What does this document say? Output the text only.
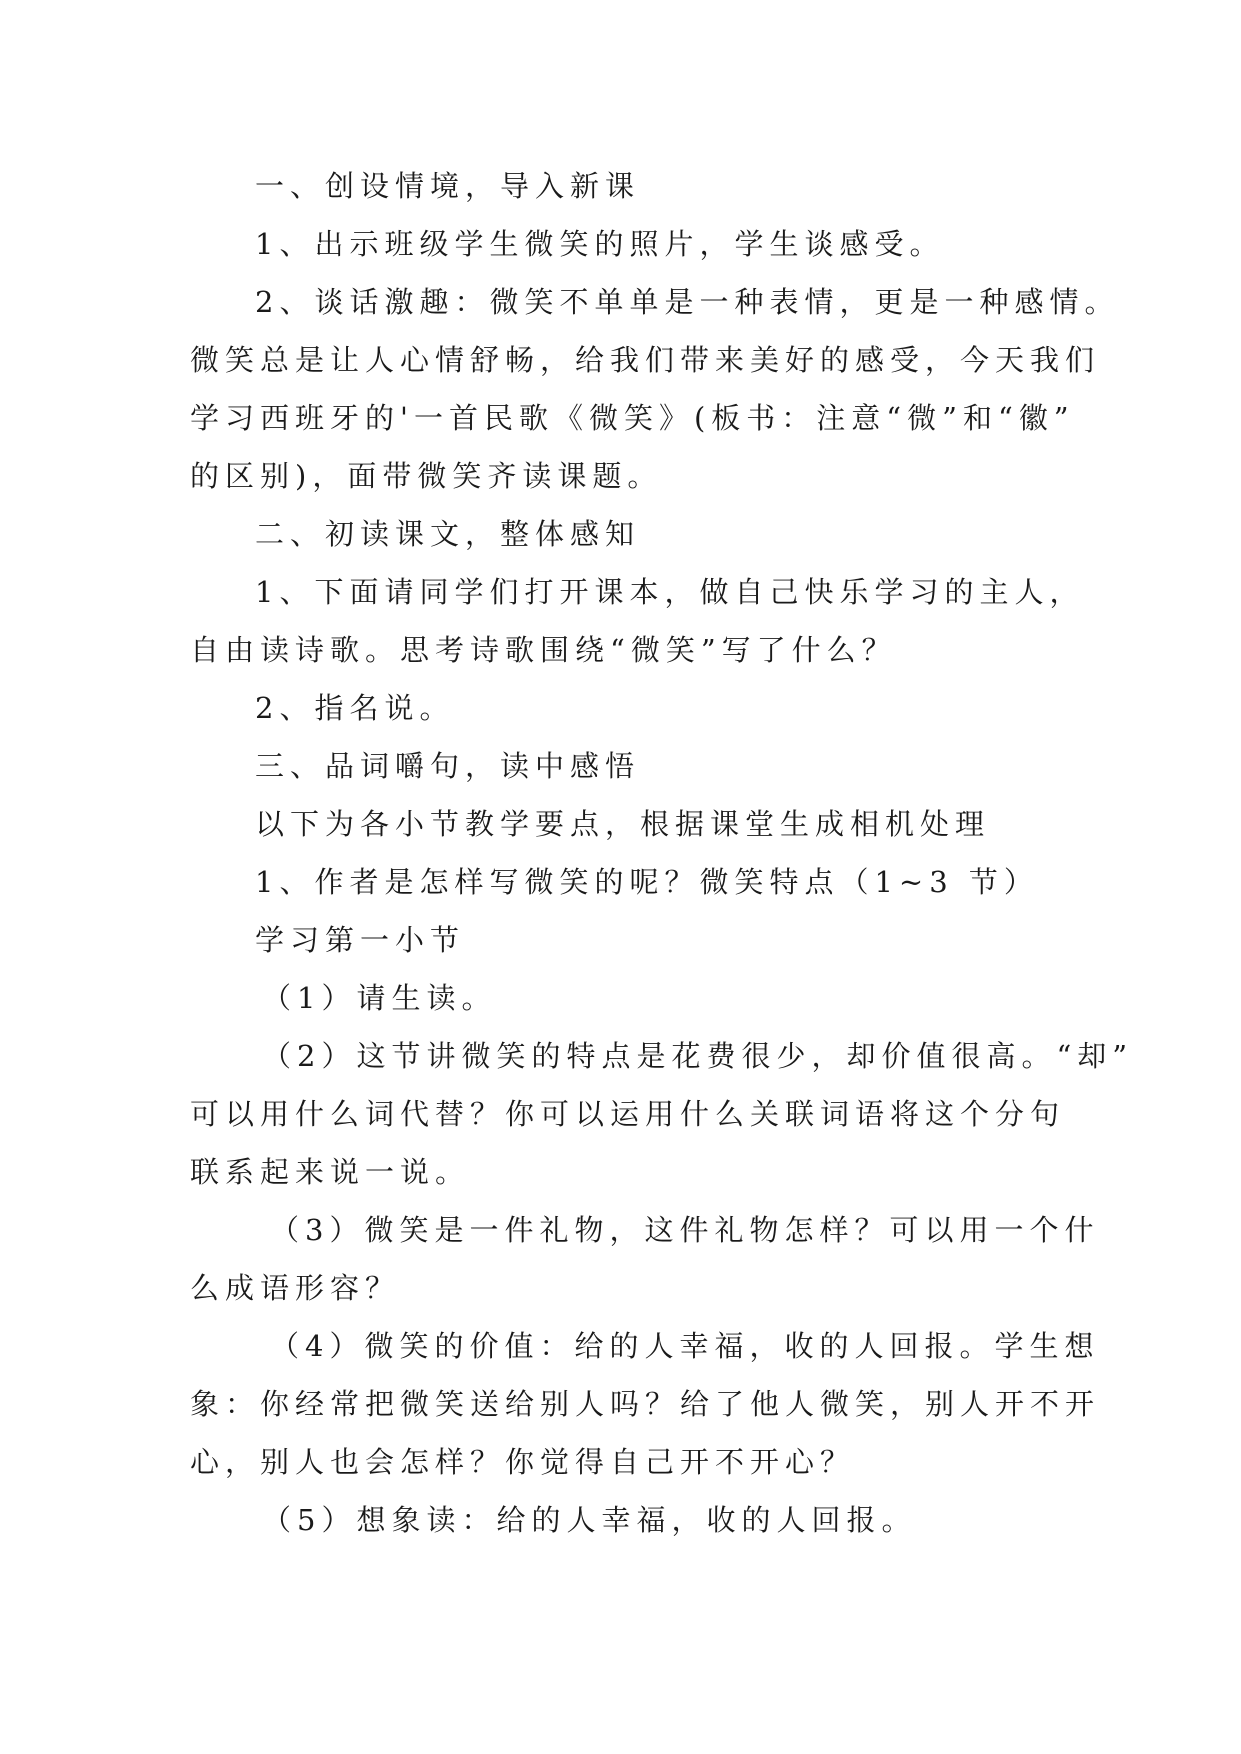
一、创设情境，导入新课

1、出示班级学生微笑的照片，学生谈感受。

2、谈话激趣：微笑不单单是一种表情，更是一种感情。

微笑总是让人心情舒畅，给我们带来美好的感受，今天我们

学习西班牙的'一首民歌《微笑》(板书：注意“微”和“徽”

的区别)，面带微笑齐读课题。

二、初读课文，整体感知

1、下面请同学们打开课本，做自己快乐学习的主人，

自由读诗歌。思考诗歌围绕“微笑”写了什么？

2、指名说。

三、品词嚼句，读中感悟

以下为各小节教学要点，根据课堂生成相机处理

1、作者是怎样写微笑的呢？微笑特点（1~3 节）

学习第一小节

（1）请生读。

（2）这节讲微笑的特点是花费很少，却价值很高。“却”

可以用什么词代替？你可以运用什么关联词语将这个分句

联系起来说一说。

（3）微笑是一件礼物，这件礼物怎样？可以用一个什

么成语形容？

（4）微笑的价值：给的人幸福，收的人回报。学生想

象：你经常把微笑送给别人吗？给了他人微笑，别人开不开

心，别人也会怎样？你觉得自己开不开心？

（5）想象读：给的人幸福，收的人回报。
